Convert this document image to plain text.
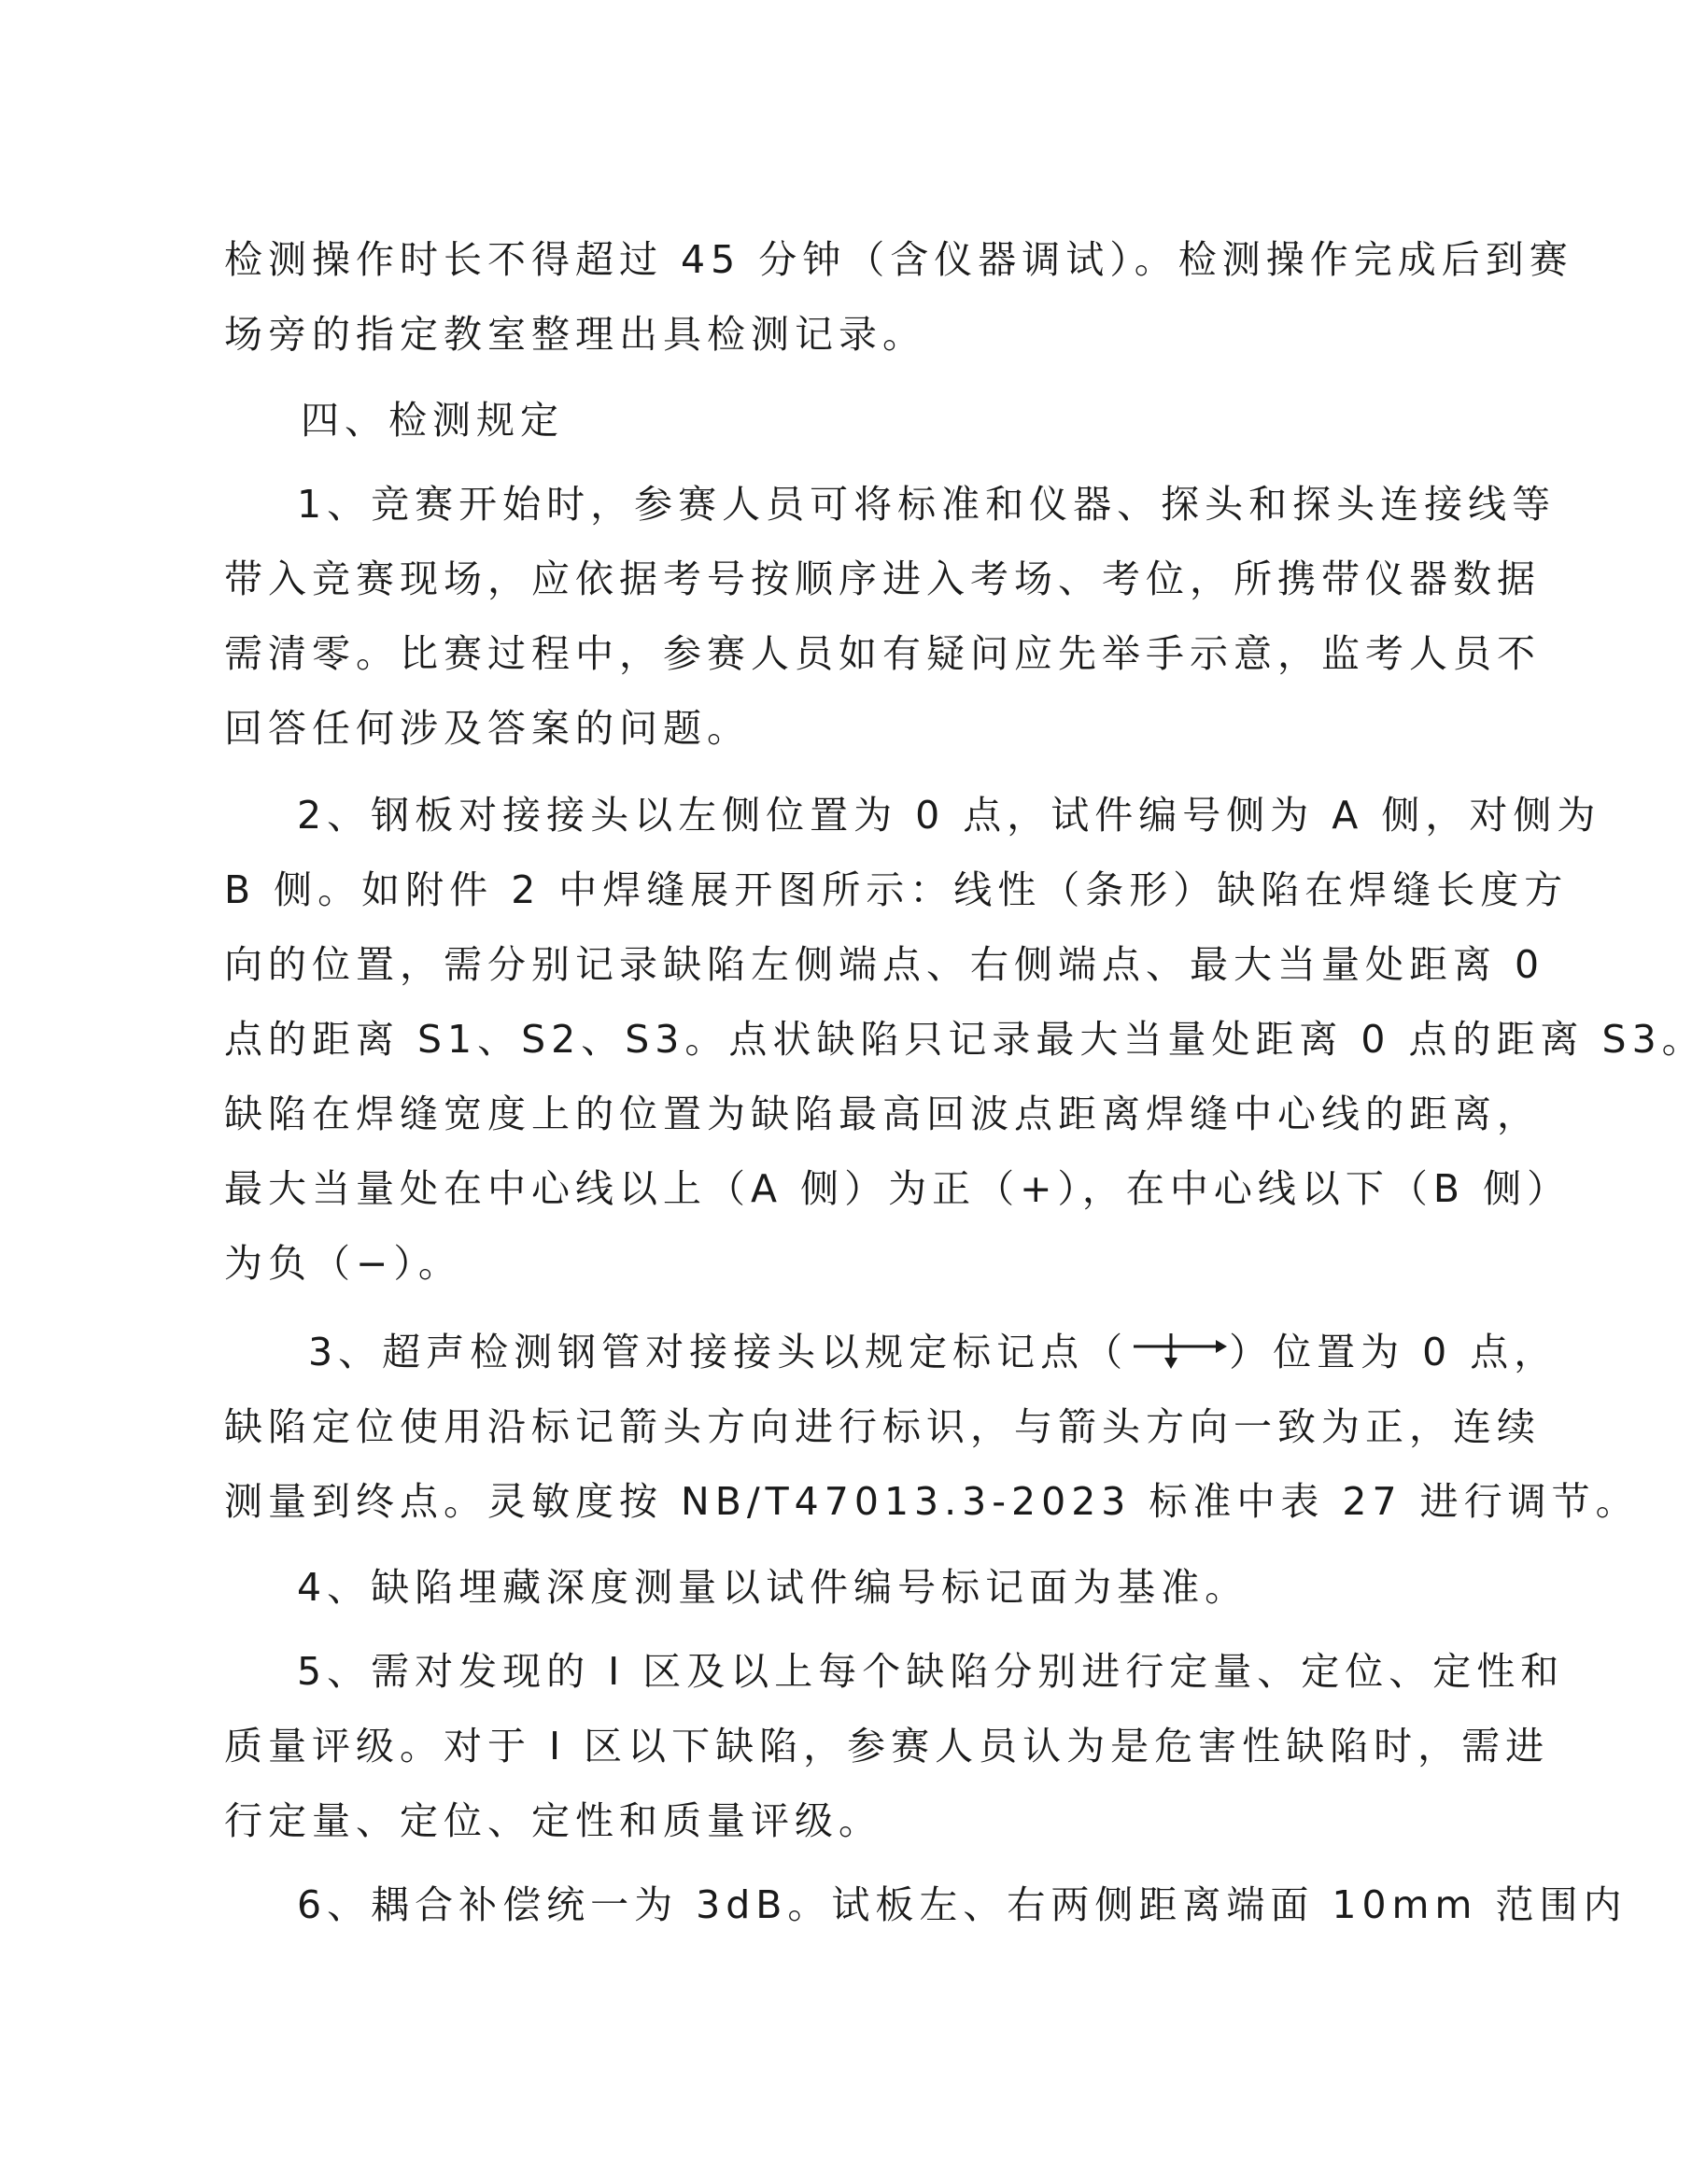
检测操作时长不得超过 45 分钟（含仪器调试）。检测操作完成后到赛
场旁的指定教室整理出具检测记录。
四、检测规定
1、竞赛开始时，参赛人员可将标准和仪器、探头和探头连接线等
带入竞赛现场，应依据考号按顺序进入考场、考位，所携带仪器数据
需清零。比赛过程中，参赛人员如有疑问应先举手示意，监考人员不
回答任何涉及答案的问题。
2、钢板对接接头以左侧位置为 0 点，试件编号侧为 A 侧，对侧为
B 侧。如附件 2 中焊缝展开图所示：线性（条形）缺陷在焊缝长度方
向的位置，需分别记录缺陷左侧端点、右侧端点、最大当量处距离 0
点的距离 S1、S2、S3。点状缺陷只记录最大当量处距离 0 点的距离 S3。
缺陷在焊缝宽度上的位置为缺陷最高回波点距离焊缝中心线的距离，
最大当量处在中心线以上（A 侧）为正（+），在中心线以下（B 侧）
为负（−）。
3、超声检测钢管对接接头以规定标记点（	）位置为 0 点，
缺陷定位使用沿标记箭头方向进行标识，与箭头方向一致为正，连续
测量到终点。灵敏度按 NB/T47013.3-2023 标准中表 27 进行调节。
4、缺陷埋藏深度测量以试件编号标记面为基准。
5、需对发现的 I 区及以上每个缺陷分别进行定量、定位、定性和
质量评级。对于 I 区以下缺陷，参赛人员认为是危害性缺陷时，需进
行定量、定位、定性和质量评级。
6、耦合补偿统一为 3dB。试板左、右两侧距离端面 10mm 范围内
